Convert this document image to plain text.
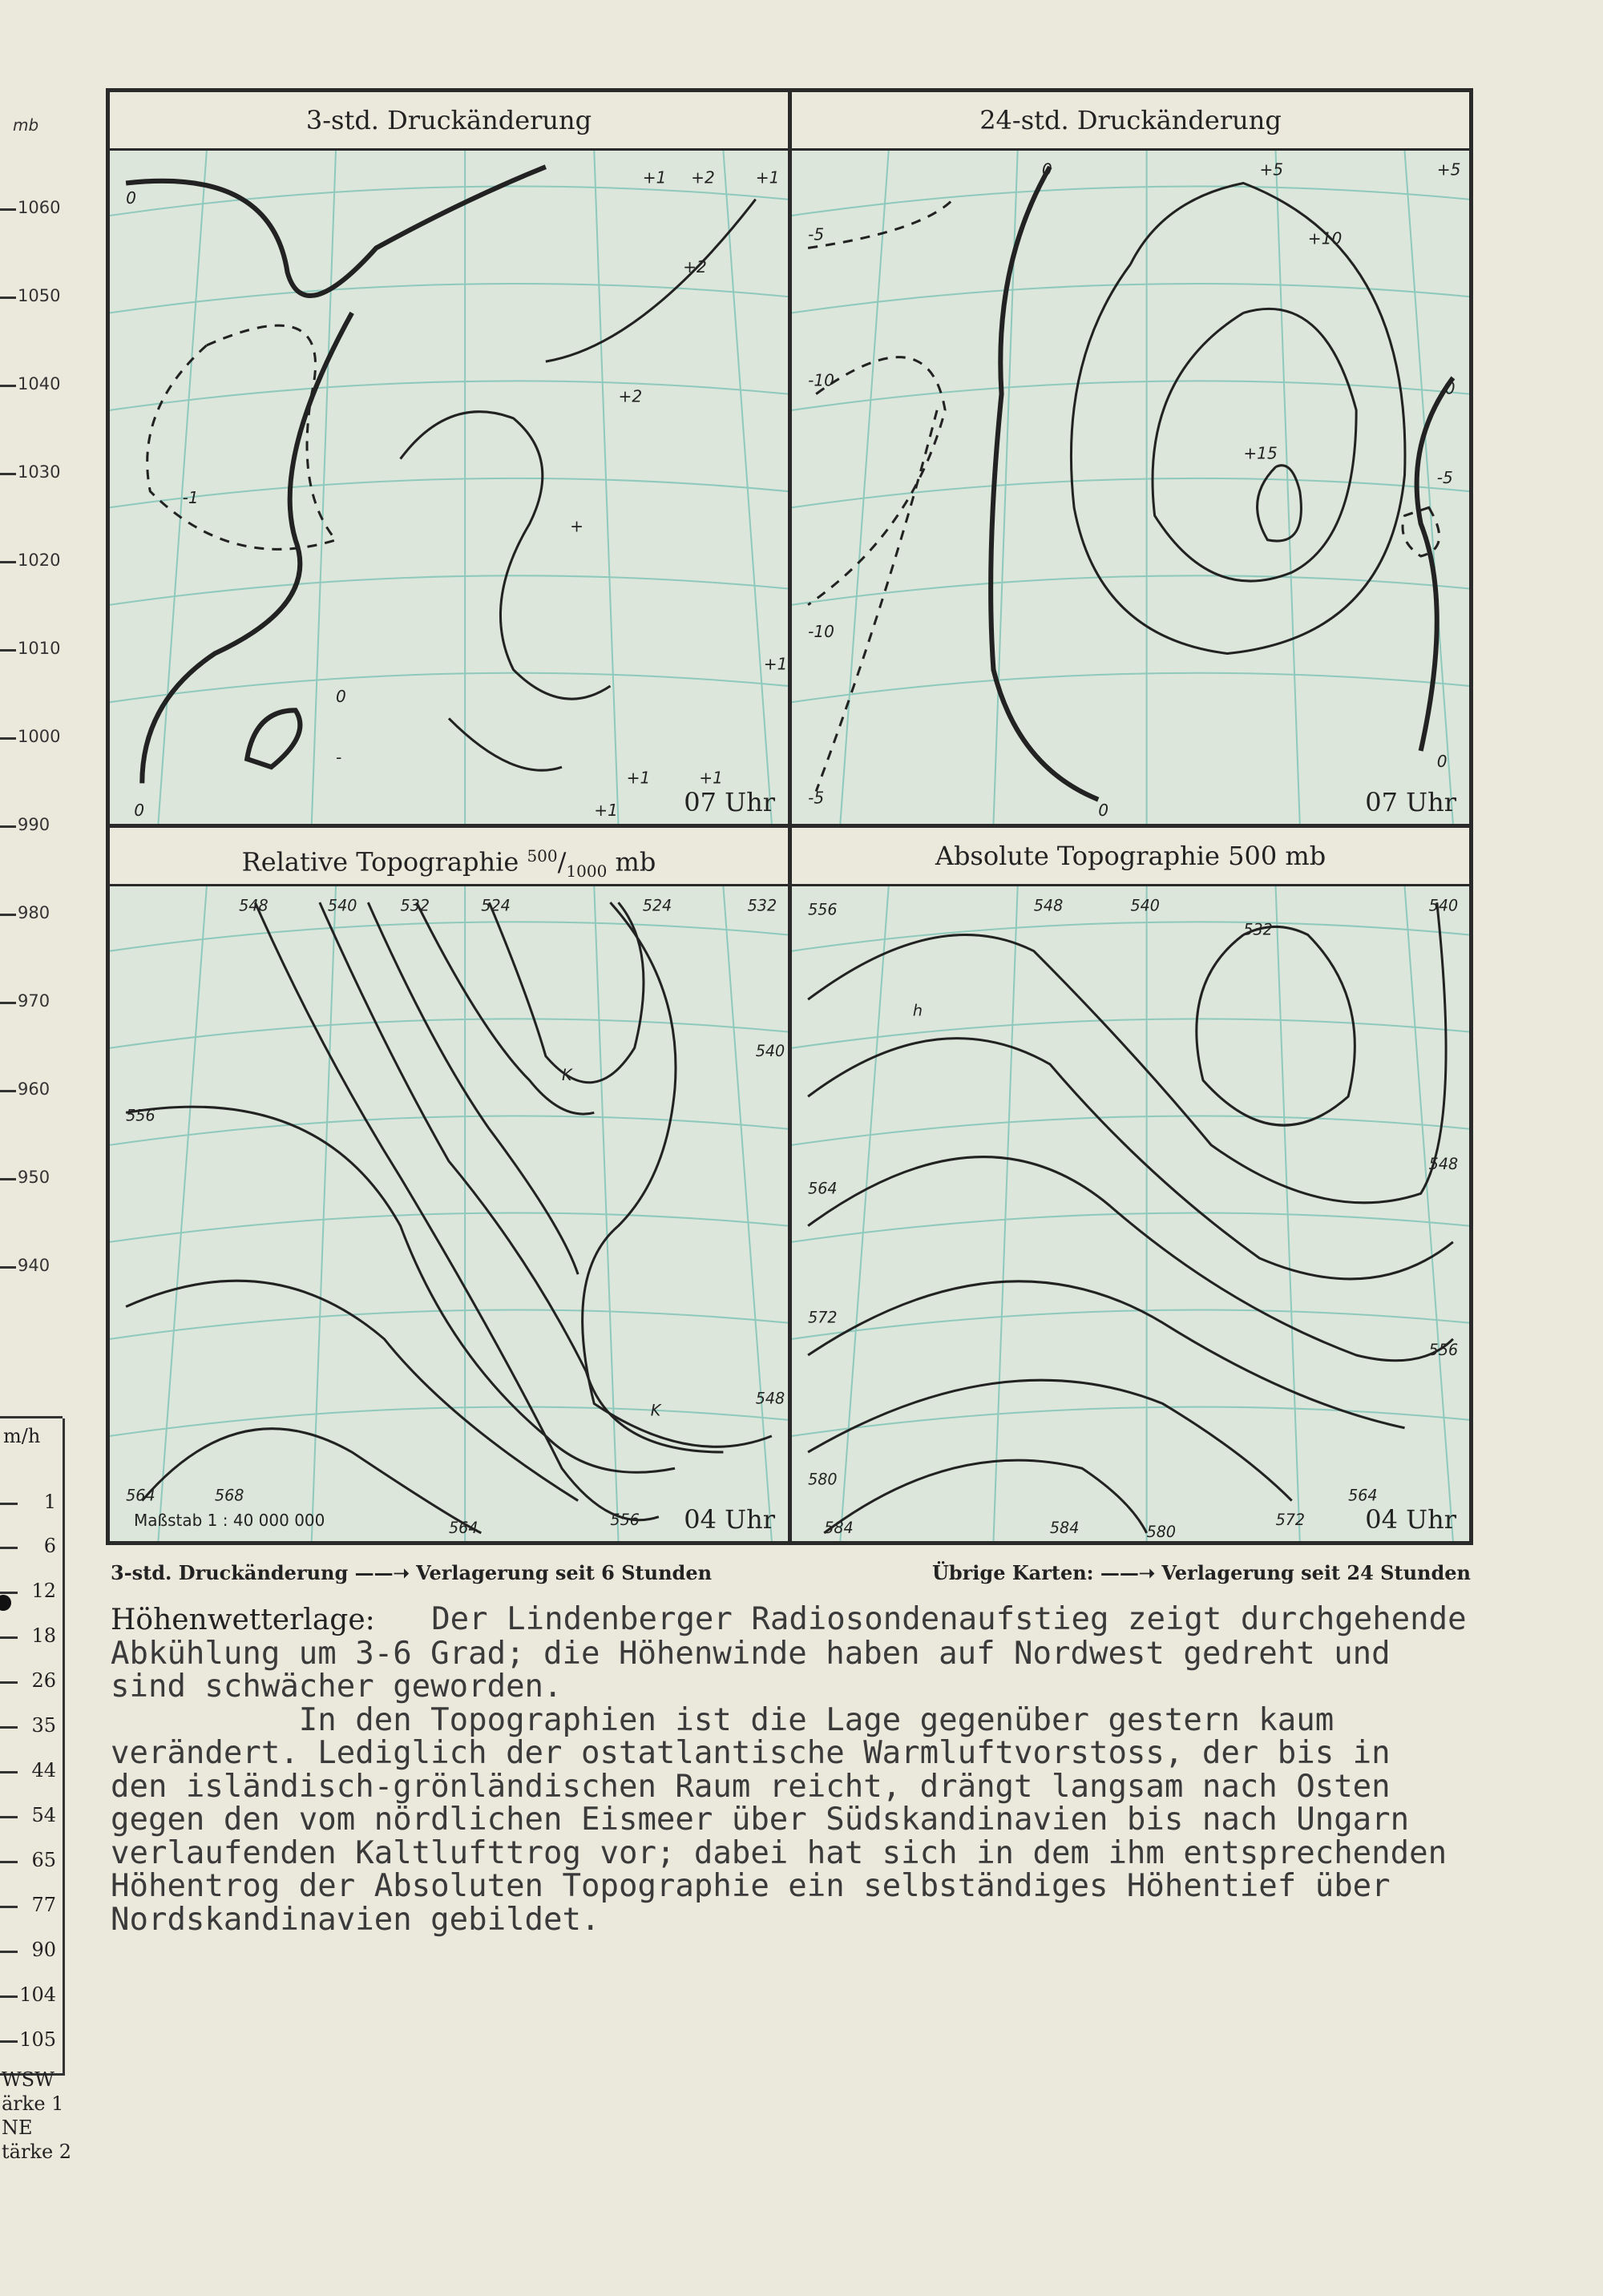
mb
1060
1050
1040
1030
1020
1010
1000
990
980
970
960
950
940
m/h
1
6
12
18
26
35
44
54
65
77
90
104
105
WSW
ärke 1
NE
tärke 2
3-std. Druckänderung
0
+1 +2	+1
+2
-1
+2
+1
0
-
+1	+1
+1
0
+
07 Uhr
24-std. Druckänderung
0	+5	+5
-5	+10
-10
+15
-5
-10
-5
0
0
0	07 Uhr
Relative Topographie $^{500}/_{1000}$ mb
548	540	532	524	524	532
556
540
548
564
556
564
568
K
K
Maßstab 1 : 40 000 000	04 Uhr
Absolute Topographie 500 mb
556	548	540
532
540
548
564
556
572
580
584	584	580
572
564
h
04 Uhr
3-std. Druckänderung ——➝ Verlagerung seit 6 Stunden	Übrige Karten: ——➝ Verlagerung seit 24 Stunden
Höhenwetterlage:   Der Lindenberger Radiosondenaufstieg zeigt durchgehende
Abkühlung um 3-6 Grad; die Höhenwinde haben auf Nordwest gedreht und
sind schwächer geworden.
In den Topographien ist die Lage gegenüber gestern kaum
verändert. Lediglich der ostatlantische Warmluftvorstoss, der bis in
den isländisch-grönländischen Raum reicht, drängt langsam nach Osten
gegen den vom nördlichen Eismeer über Südskandinavien bis nach Ungarn
verlaufenden Kaltlufttrog vor; dabei hat sich in dem ihm entsprechenden
Höhentrog der Absoluten Topographie ein selbständiges Höhentief über
Nordskandinavien gebildet.
